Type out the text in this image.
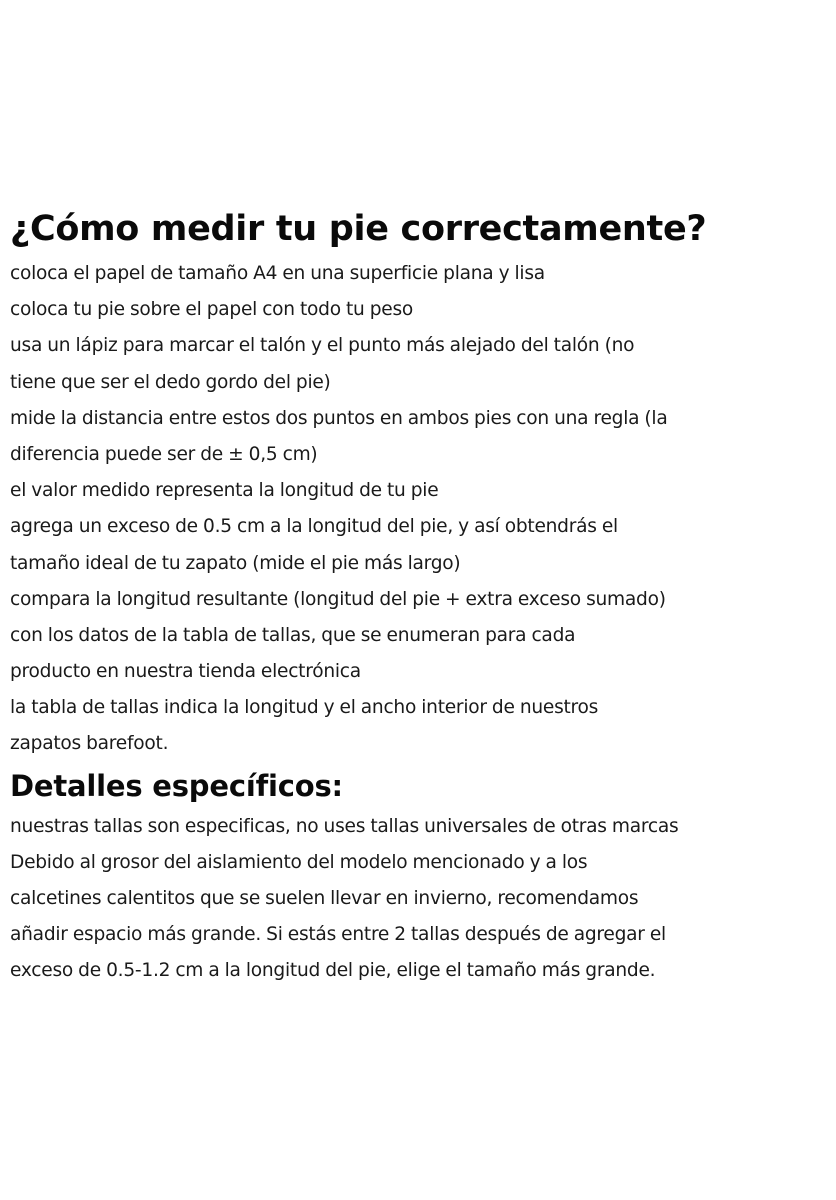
¿Cómo medir tu pie correctamente?
coloca el papel de tamaño A4 en una superficie plana y lisa
coloca tu pie sobre el papel con todo tu peso
usa un lápiz para marcar el talón y el punto más alejado del talón (no
tiene que ser el dedo gordo del pie)
mide la distancia entre estos dos puntos en ambos pies con una regla (la
diferencia puede ser de ± 0,5 cm)
el valor medido representa la longitud de tu pie
agrega un exceso de 0.5 cm a la longitud del pie, y así obtendrás el
tamaño ideal de tu zapato (mide el pie más largo)
compara la longitud resultante (longitud del pie + extra exceso sumado)
con los datos de la tabla de tallas, que se enumeran para cada
producto en nuestra tienda electrónica
la tabla de tallas indica la longitud y el ancho interior de nuestros
zapatos barefoot.
Detalles específicos:
nuestras tallas son especificas, no uses tallas universales de otras marcas
Debido al grosor del aislamiento del modelo mencionado y a los
calcetines calentitos que se suelen llevar en invierno, recomendamos
añadir espacio más grande. Si estás entre 2 tallas después de agregar el
exceso de 0.5-1.2 cm a la longitud del pie, elige el tamaño más grande.
